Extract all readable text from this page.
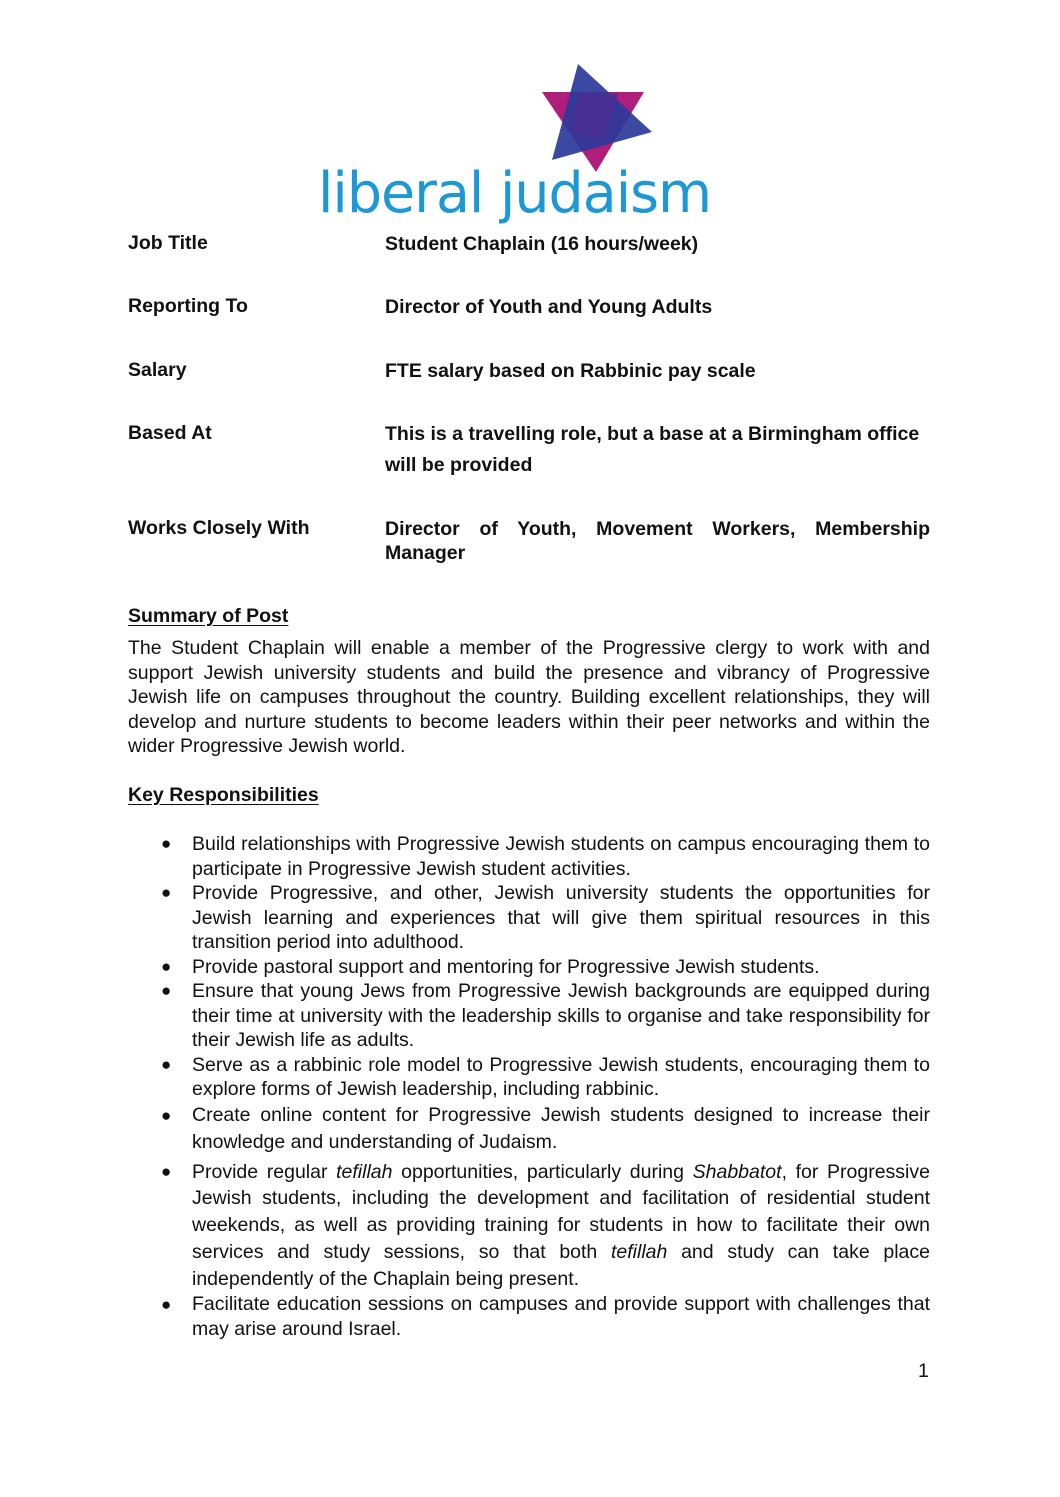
liberal judaism
Job Title	Student Chaplain (16 hours/week)
Reporting To	Director of Youth and Young Adults
Salary	FTE salary based on Rabbinic pay scale
Based At	This is a travelling role, but a base at a Birmingham office will be provided
Works Closely With	Director of Youth, Movement Workers, Membership Manager
Summary of Post
The Student Chaplain will enable a member of the Progressive clergy to work with and support Jewish university students and build the presence and vibrancy of Progressive Jewish life on campuses throughout the country. Building excellent relationships, they will develop and nurture students to become leaders within their peer networks and within the wider Progressive Jewish world.
Key Responsibilities
● Build relationships with Progressive Jewish students on campus encouraging them to participate in Progressive Jewish student activities.
● Provide Progressive, and other, Jewish university students the opportunities for Jewish learning and experiences that will give them spiritual resources in this transition period into adulthood.
● Provide pastoral support and mentoring for Progressive Jewish students.
● Ensure that young Jews from Progressive Jewish backgrounds are equipped during their time at university with the leadership skills to organise and take responsibility for their Jewish life as adults.
● Serve as a rabbinic role model to Progressive Jewish students, encouraging them to explore forms of Jewish leadership, including rabbinic.
● Create online content for Progressive Jewish students designed to increase their knowledge and understanding of Judaism.
● Provide regular tefillah opportunities, particularly during Shabbatot, for Progressive Jewish students, including the development and facilitation of residential student weekends, as well as providing training for students in how to facilitate their own services and study sessions, so that both tefillah and study can take place independently of the Chaplain being present.
● Facilitate education sessions on campuses and provide support with challenges that may arise around Israel.
1
